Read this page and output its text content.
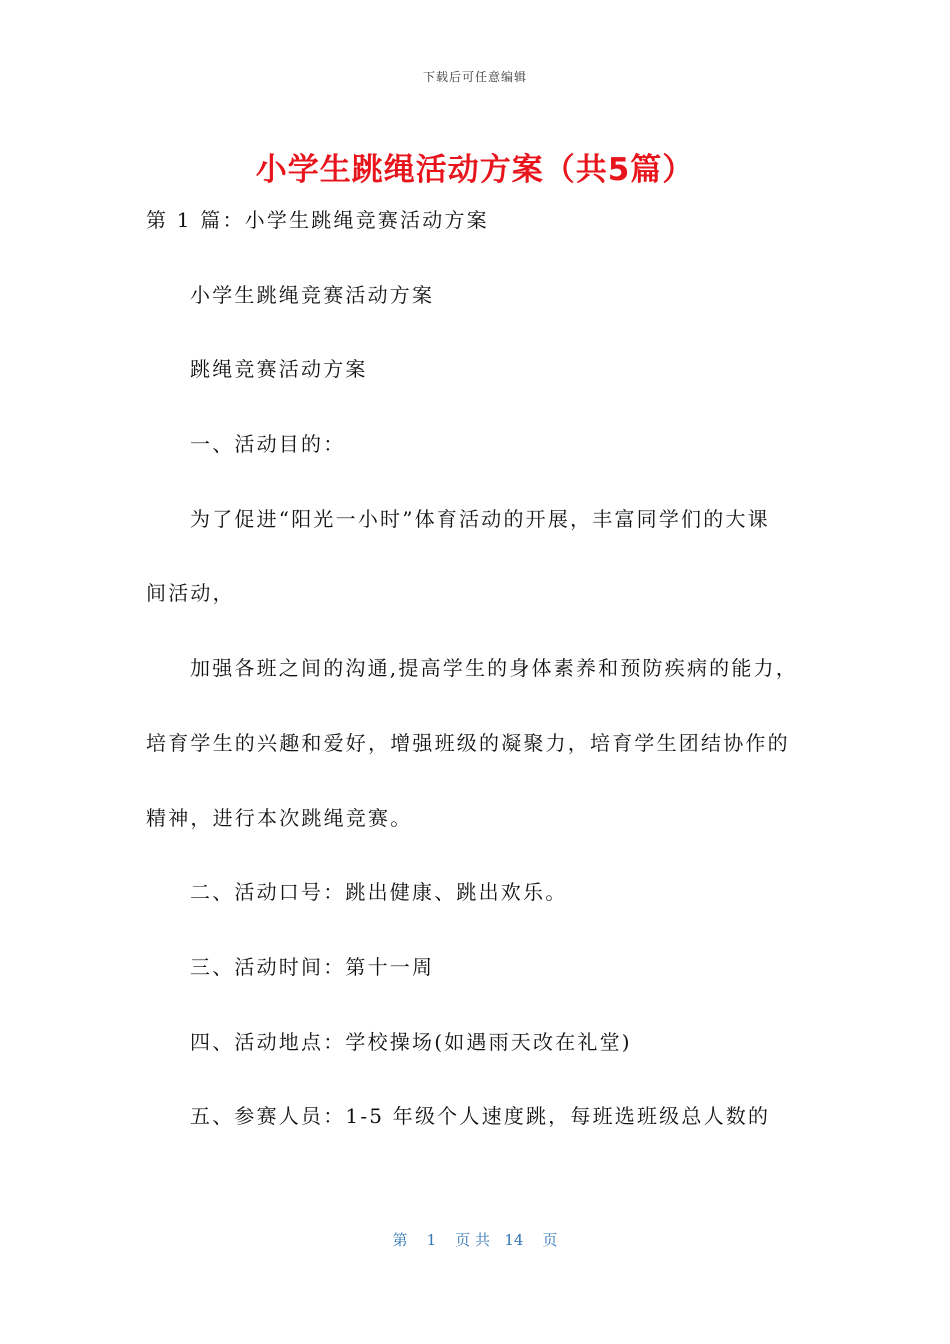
下载后可任意编辑
小学生跳绳活动方案（共5篇）

第 1 篇：小学生跳绳竞赛活动方案

小学生跳绳竞赛活动方案

跳绳竞赛活动方案

一、活动目的：

为了促进“阳光一小时”体育活动的开展，丰富同学们的大课

间活动，

加强各班之间的沟通,提高学生的身体素养和预防疾病的能力，

培育学生的兴趣和爱好，增强班级的凝聚力，培育学生团结协作的

精神，进行本次跳绳竞赛。

二、活动口号：跳出健康、跳出欢乐。

三、活动时间：第十一周

四、活动地点：学校操场(如遇雨天改在礼堂)

五、参赛人员：1-5 年级个人速度跳，每班选班级总人数的

第 1 页 共 14 页
